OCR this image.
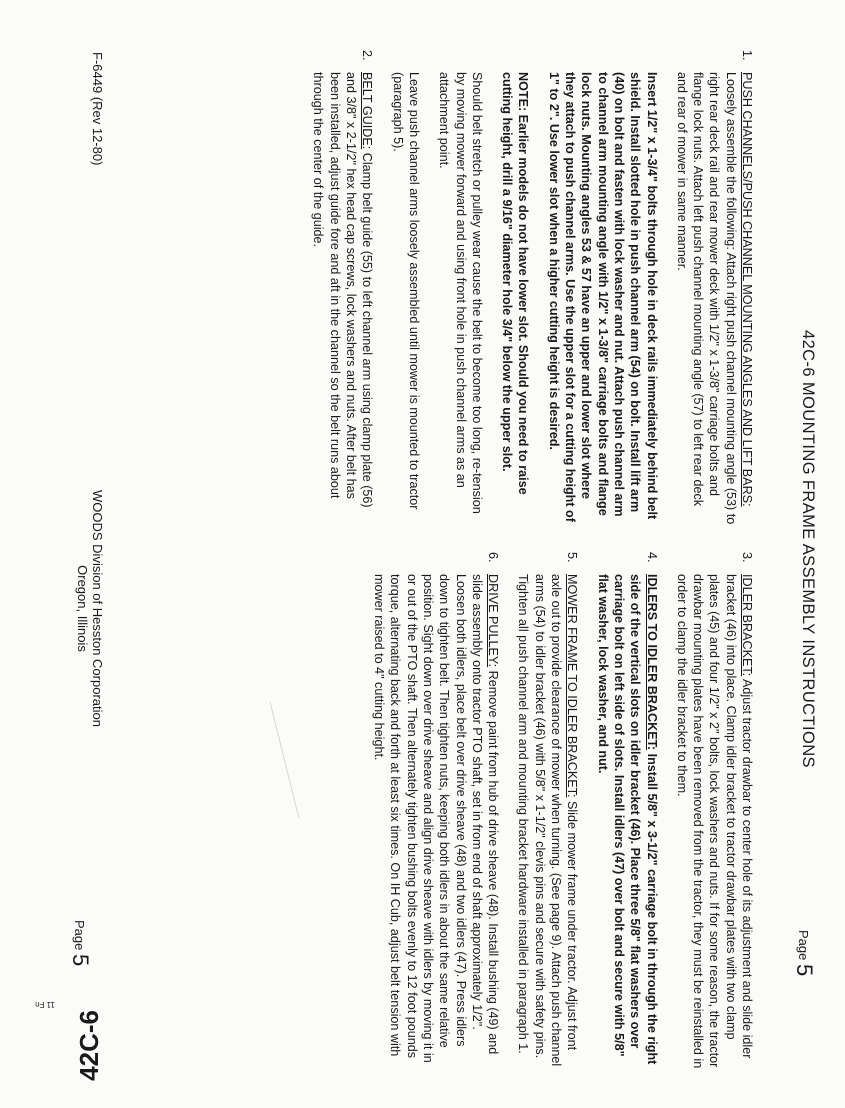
42C-6 MOUNTING FRAME ASSEMBLY INSTRUCTIONS
Page 5
1.

PUSH CHANNELS/PUSH CHANNEL MOUNTING ANGLES AND LIFT BARS: Loosely assemble the following: Attach right push channel mounting angle (53) to right rear deck rail and rear mower deck with 1/2" x 1-3/8" carriage bolts and flange lock nuts. Attach left push channel mounting angle (57) to left rear deck and rear of mower in same manner.

Insert 1/2" x 1-3/4" bolts through hole in deck rails immediately behind belt shield. Install slotted hole in push channel arm (54) on bolt. Install lift arm (40) on bolt and fasten with lock washer and nut. Attach push channel arm to channel arm mounting angle with 1/2" x 1-3/8" carriage bolts and flange lock nuts. Mounting angles 53 & 57 have an upper and lower slot where they attach to push channel arms. Use the upper slot for a cutting height of 1" to 2". Use lower slot when a higher cutting height is desired.

NOTE: Earlier models do not have lower slot. Should you need to raise cutting height, drill a 9/16" diameter hole 3/4" below the upper slot.

Should belt stretch or pulley wear cause the belt to become too long, re-tension by moving mower forward and using front hole in push channel arms as an attachment point.

Leave push channel arms loosely assembled until mower is mounted to tractor (paragraph 5).

2.

BELT GUIDE: Clamp belt guide (55) to left channel arm using clamp plate (56) and 3/8" x 2-1/2" hex head cap screws, lock washers and nuts. After belt has been installed, adjust guide fore and aft in the channel so the belt runs about through the center of the guide.

3.

IDLER BRACKET: Adjust tractor drawbar to center hole of its adjustment and slide idler bracket (46) into place. Clamp idler bracket to tractor drawbar plates with two clamp plates (45) and four 1/2" x 2" bolts, lock washers and nuts. If for some reason, the tractor drawbar mounting plates have been removed from the tractor, they must be reinstalled in order to clamp the idler bracket to them.

4.

IDLERS TO IDLER BRACKET: Install 5/8" x 3-1/2" carriage bolt in through the right side of the vertical slots on idler bracket (46). Place three 5/8" flat washers over carriage bolt on left side of slots. Install idlers (47) over bolt and secure with 5/8" flat washer, lock washer, and nut.

5.

MOWER FRAME TO IDLER BRACKET: Slide mower frame under tractor. Adjust front axle out to provide clearance of mower when turning. (See page 9). Attach push channel arms (54) to idler bracket (46) with 5/8" x 1-1/2" clevis pins and secure with safety pins. Tighten all push channel arm and mounting bracket hardware installed in paragraph 1.

6.

DRIVE PULLEY: Remove paint from hub of drive sheave (48). Install bushing (49) and slide assembly onto tractor PTO shaft, set in from end of shaft approximately 1/2". Loosen both idlers, place belt over drive sheave (48) and two idlers (47). Press idlers down to tighten belt. Then tighten nuts, keeping both idlers in about the same relative position. Sight down over drive sheave and align drive sheave with idlers by moving it in or out of the PTO shaft. Then alternately tighten bushing bolts evenly to 12 foot pounds torque, alternating back and forth at least six times. On IH Cub, adjust belt tension with mower raised to 4" cutting height.

F-6449 (Rev 12-80)
WOODS Division of Hesston Corporation
Oregon, Illinois
Page 5
42C-6
11 Fn
